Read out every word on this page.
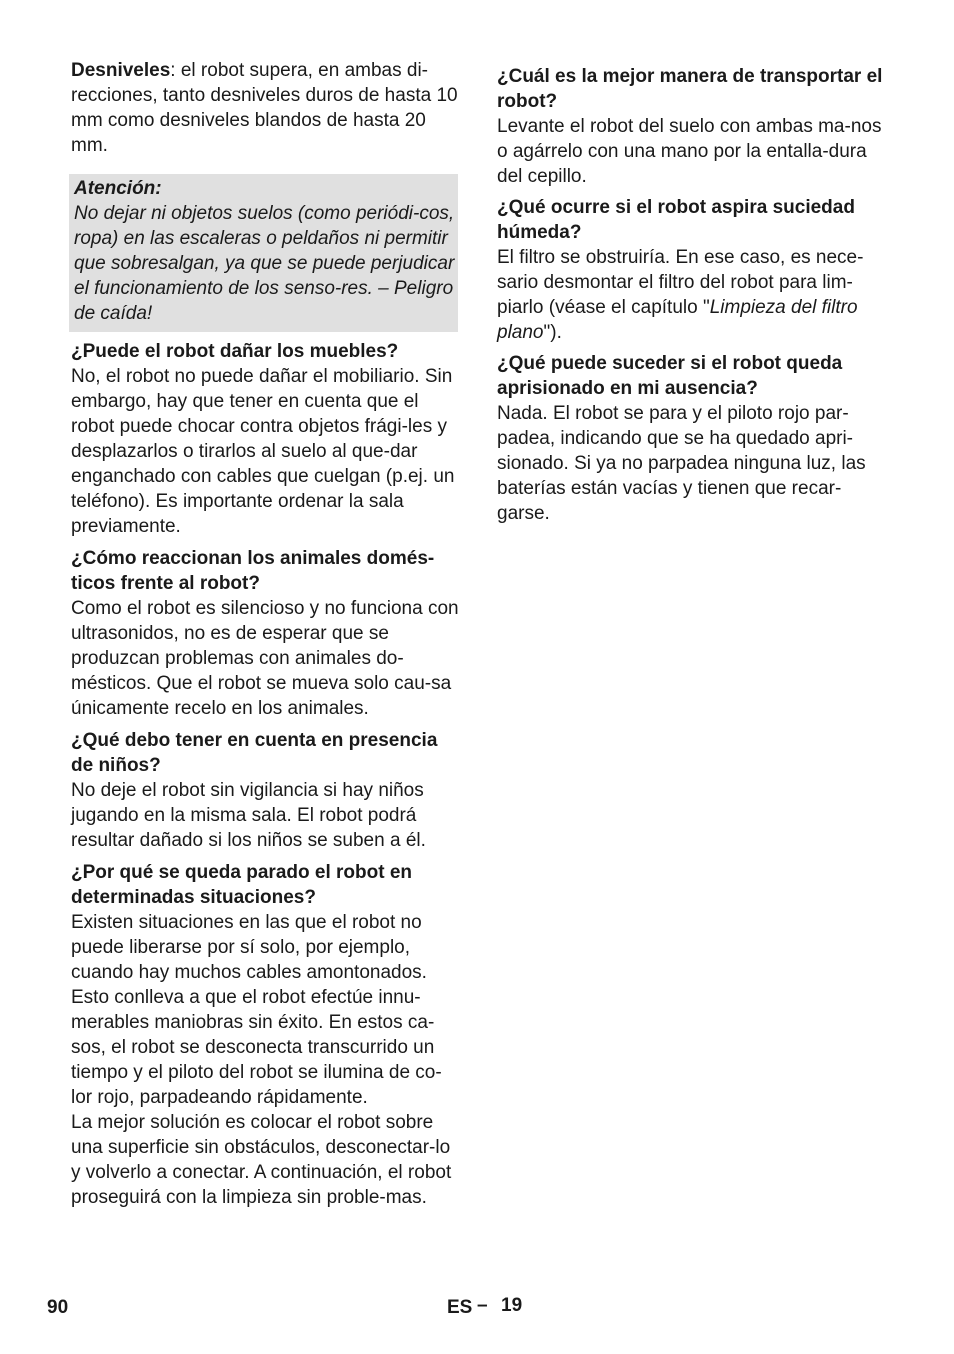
Desniveles: el robot supera, en ambas di-recciones, tanto desniveles duros de hasta 10 mm como desniveles blandos de hasta 20 mm.

Atención:
No dejar ni objetos suelos (como periódi-cos, ropa) en las escaleras o peldaños ni permitir que sobresalgan, ya que se puede perjudicar el funcionamiento de los senso-res. – Peligro de caída!

¿Puede el robot dañar los muebles?

No, el robot no puede dañar el mobiliario. Sin embargo, hay que tener en cuenta que el robot puede chocar contra objetos frági-les y desplazarlos o tirarlos al suelo al que-dar enganchado con cables que cuelgan (p.ej. un teléfono). Es importante ordenar la sala previamente.

¿Cómo reaccionan los animales domés-ticos frente al robot?

Como el robot es silencioso y no funciona con ultrasonidos, no es de esperar que se produzcan problemas con animales do-mésticos. Que el robot se mueva solo cau-sa únicamente recelo en los animales.

¿Qué debo tener en cuenta en presencia de niños?

No deje el robot sin vigilancia si hay niños jugando en la misma sala. El robot podrá resultar dañado si los niños se suben a él.

¿Por qué se queda parado el robot en determinadas situaciones?

Existen situaciones en las que el robot no puede liberarse por sí solo, por ejemplo, cuando hay muchos cables amontonados. Esto conlleva a que el robot efectúe innu-merables maniobras sin éxito. En estos ca-sos, el robot se desconecta transcurrido un tiempo y el piloto del robot se ilumina de co-lor rojo, parpadeando rápidamente.

La mejor solución es colocar el robot sobre una superficie sin obstáculos, desconectar-lo y volverlo a conectar. A continuación, el robot proseguirá con la limpieza sin proble-mas.

¿Cuál es la mejor manera de transportar el robot?

Levante el robot del suelo con ambas ma-nos o agárrelo con una mano por la entalla-dura del cepillo.

¿Qué ocurre si el robot aspira suciedad húmeda?

El filtro se obstruiría. En ese caso, es nece-sario desmontar el filtro del robot para lim-piarlo (véase el capítulo "Limpieza del filtro plano").

¿Qué puede suceder si el robot queda aprisionado en mi ausencia?

Nada. El robot se para y el piloto rojo par-padea, indicando que se ha quedado apri-sionado. Si ya no parpadea ninguna luz, las baterías están vacías y tienen que recar-garse.

90	ES – 19
